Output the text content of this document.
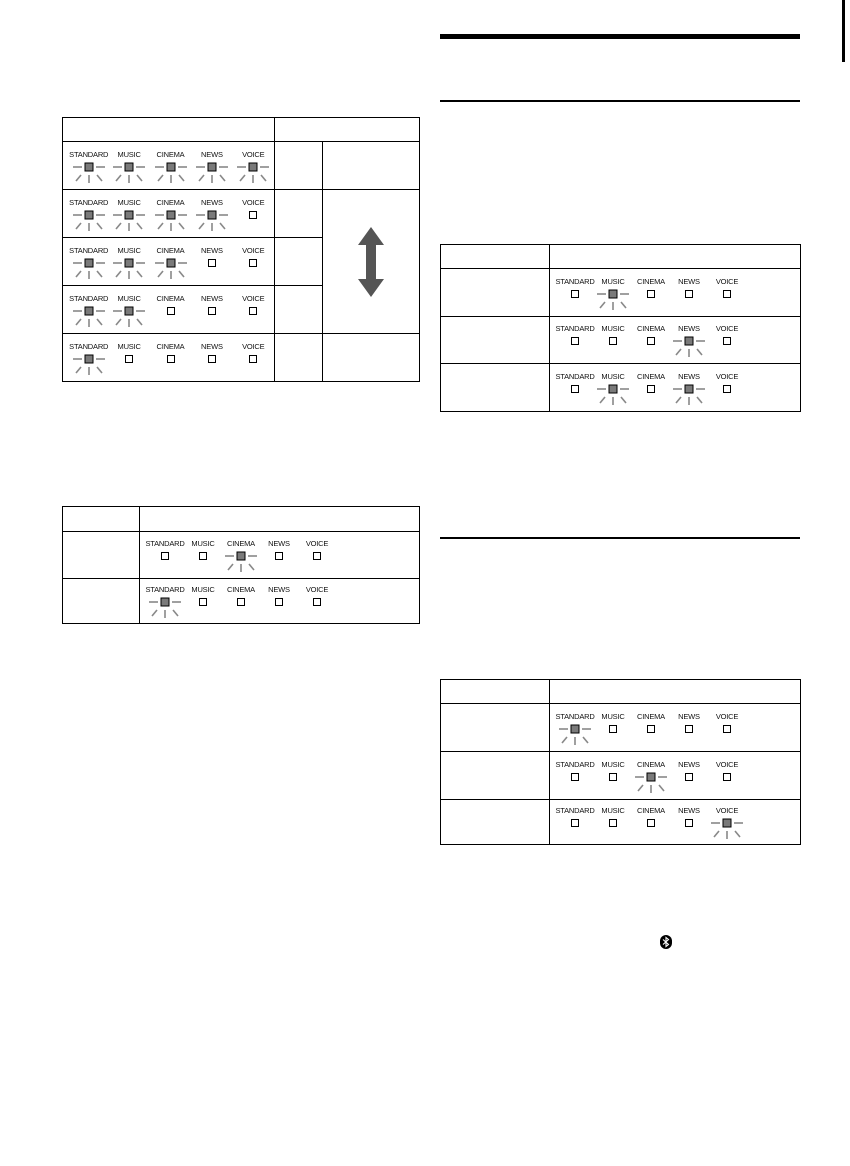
STANDARD MUSIC CINEMA NEWS VOICE		

STANDARD MUSIC CINEMA NEWS VOICE

STANDARD MUSIC CINEMA NEWS VOICE		

STANDARD MUSIC CINEMA NEWS VOICE		

STANDARD MUSIC CINEMA NEWS VOICE		

	STANDARD MUSIC CINEMA NEWS VOICE

	STANDARD MUSIC CINEMA NEWS VOICE

	STANDARD MUSIC CINEMA NEWS VOICE

	STANDARD MUSIC CINEMA NEWS VOICE

	STANDARD MUSIC CINEMA NEWS VOICE

	STANDARD MUSIC CINEMA NEWS VOICE

	STANDARD MUSIC CINEMA NEWS VOICE

	STANDARD MUSIC CINEMA NEWS VOICE
